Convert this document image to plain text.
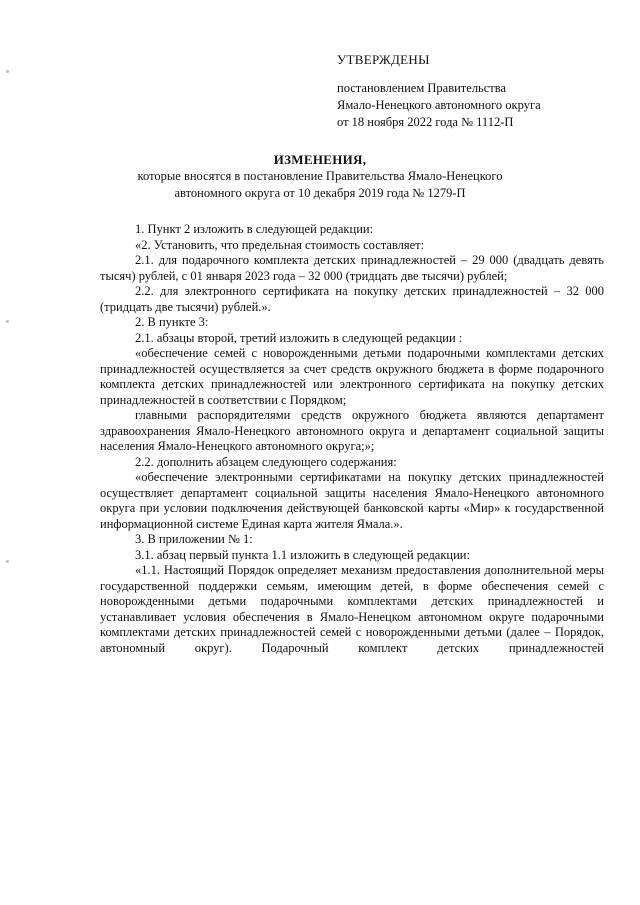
УТВЕРЖДЕНЫ
постановлением Правительства
Ямало-Ненецкого автономного округа
от 18 ноября 2022 года № 1112-П
ИЗМЕНЕНИЯ,
которые вносятся в постановление Правительства Ямало-Ненецкого
автономного округа от 10 декабря 2019 года № 1279-П

1. Пункт 2 изложить в следующей редакции:

«2. Установить, что предельная стоимость составляет:

2.1. для подарочного комплекта детских принадлежностей – 29 000 (двадцать девять тысяч) рублей, с 01 января 2023 года – 32 000 (тридцать две тысячи) рублей;

2.2. для электронного сертификата на покупку детских принадлежностей – 32 000 (тридцать две тысячи) рублей.».

2. В пункте 3:

2.1. абзацы второй, третий изложить в следующей редакции :

«обеспечение семей с новорожденными детьми подарочными комплектами детских принадлежностей осуществляется за счет средств окружного бюджета в форме подарочного комплекта детских принадлежностей или электронного сертификата на покупку детских принадлежностей в соответствии с Порядком;

главными распорядителями средств окружного бюджета являются департамент здравоохранения Ямало-Ненецкого автономного округа и департамент социальной защиты населения Ямало-Ненецкого автономного округа;»;

2.2. дополнить абзацем следующего содержания:

«обеспечение электронными сертификатами на покупку детских принадлежностей осуществляет департамент социальной защиты населения Ямало-Ненецкого автономного округа при условии подключения действующей банковской карты «Мир» к государственной информационной системе Единая карта жителя Ямала.».

3. В приложении № 1:

3.1. абзац первый пункта 1.1 изложить в следующей редакции:

«1.1. Настоящий Порядок определяет механизм предоставления дополнительной меры государственной поддержки семьям, имеющим детей, в форме обеспечения семей с новорожденными детьми подарочными комплектами детских принадлежностей и устанавливает условия обеспечения в Ямало-Ненецком автономном округе подарочными комплектами детских принадлежностей семей с новорожденными детьми (далее – Порядок, автономный округ). Подарочный комплект детских принадлежностей
